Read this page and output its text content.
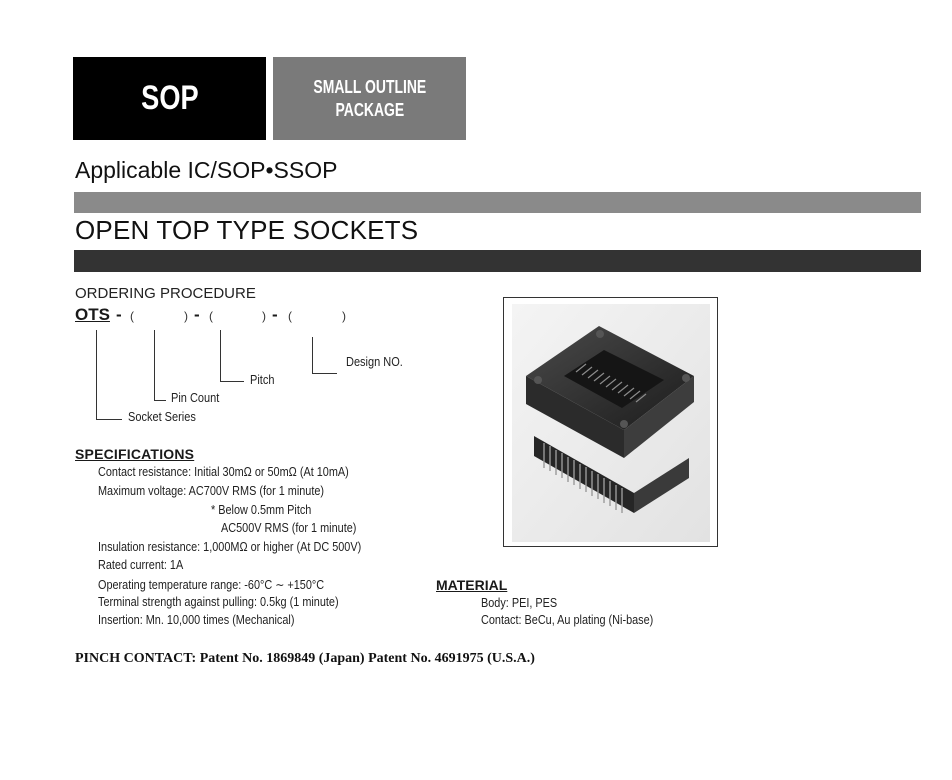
SOP	SMALL OUTLINE
PACKAGE
Applicable IC/SOP•SSOP
OPEN TOP TYPE SOCKETS
ORDERING PROCEDURE
OTS - (	) - (	) - (	)
Design NO.
Pitch
Pin Count
Socket Series
SPECIFICATIONS
Contact resistance: Initial 30mΩ or 50mΩ (At 10mA)
Maximum voltage: AC700V RMS (for 1 minute)
* Below 0.5mm Pitch
AC500V RMS (for 1 minute)
Insulation resistance: 1,000MΩ or higher (At DC 500V)
Rated current: 1A
Operating temperature range: -60°C ∼ +150°C
Terminal strength against pulling: 0.5kg (1 minute)
Insertion: Mn. 10,000 times (Mechanical)
MATERIAL
Body: PEI, PES
Contact: BeCu, Au plating (Ni-base)
PINCH CONTACT: Patent No. 1869849 (Japan) Patent No. 4691975 (U.S.A.)
